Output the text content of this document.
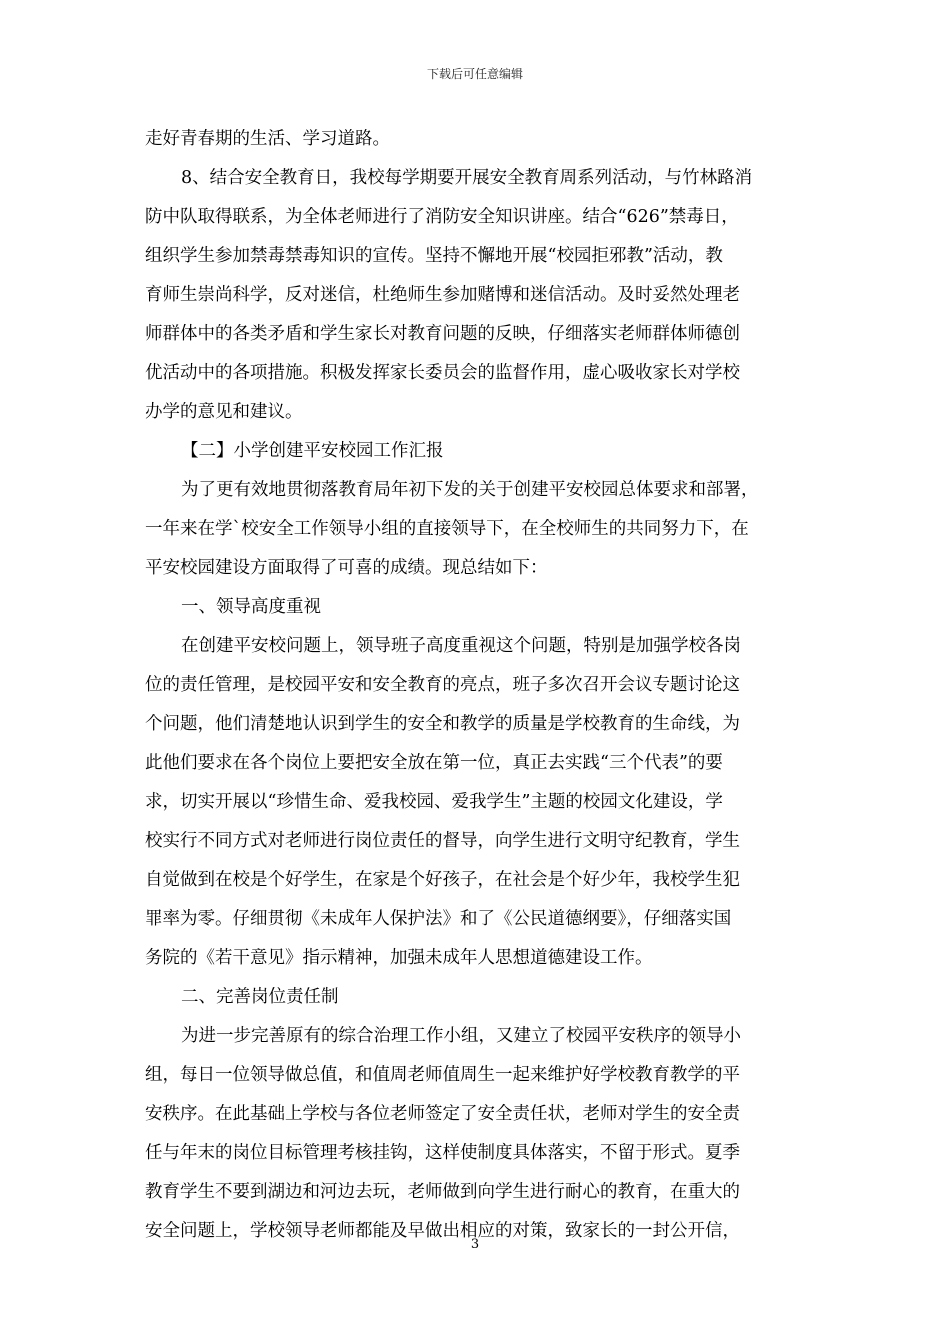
下载后可任意编辑
走好青春期的生活、学习道路。
8、结合安全教育日，我校每学期要开展安全教育周系列活动，与竹林路消
防中队取得联系，为全体老师进行了消防安全知识讲座。结合“626”禁毒日，
组织学生参加禁毒禁毒知识的宣传。坚持不懈地开展“校园拒邪教”活动，教
育师生崇尚科学，反对迷信，杜绝师生参加赌博和迷信活动。及时妥然处理老
师群体中的各类矛盾和学生家长对教育问题的反映，仔细落实老师群体师德创
优活动中的各项措施。积极发挥家长委员会的监督作用，虚心吸收家长对学校
办学的意见和建议。
【二】小学创建平安校园工作汇报
为了更有效地贯彻落教育局年初下发的关于创建平安校园总体要求和部署，
一年来在学`校安全工作领导小组的直接领导下，在全校师生的共同努力下，在
平安校园建设方面取得了可喜的成绩。现总结如下：
一、领导高度重视
在创建平安校问题上，领导班子高度重视这个问题，特别是加强学校各岗
位的责任管理，是校园平安和安全教育的亮点，班子多次召开会议专题讨论这
个问题，他们清楚地认识到学生的安全和教学的质量是学校教育的生命线，为
此他们要求在各个岗位上要把安全放在第一位，真正去实践“三个代表”的要
求，切实开展以“珍惜生命、爱我校园、爱我学生”主题的校园文化建设，学
校实行不同方式对老师进行岗位责任的督导，向学生进行文明守纪教育，学生
自觉做到在校是个好学生，在家是个好孩子，在社会是个好少年，我校学生犯
罪率为零。仔细贯彻《未成年人保护法》和了《公民道德纲要》，仔细落实国
务院的《若干意见》指示精神，加强未成年人思想道德建设工作。
二、完善岗位责任制
为进一步完善原有的综合治理工作小组，又建立了校园平安秩序的领导小
组，每日一位领导做总值，和值周老师值周生一起来维护好学校教育教学的平
安秩序。在此基础上学校与各位老师签定了安全责任状，老师对学生的安全责
任与年末的岗位目标管理考核挂钩，这样使制度具体落实，不留于形式。夏季
教育学生不要到湖边和河边去玩，老师做到向学生进行耐心的教育，在重大的
安全问题上，学校领导老师都能及早做出相应的对策，致家长的一封公开信，
3
